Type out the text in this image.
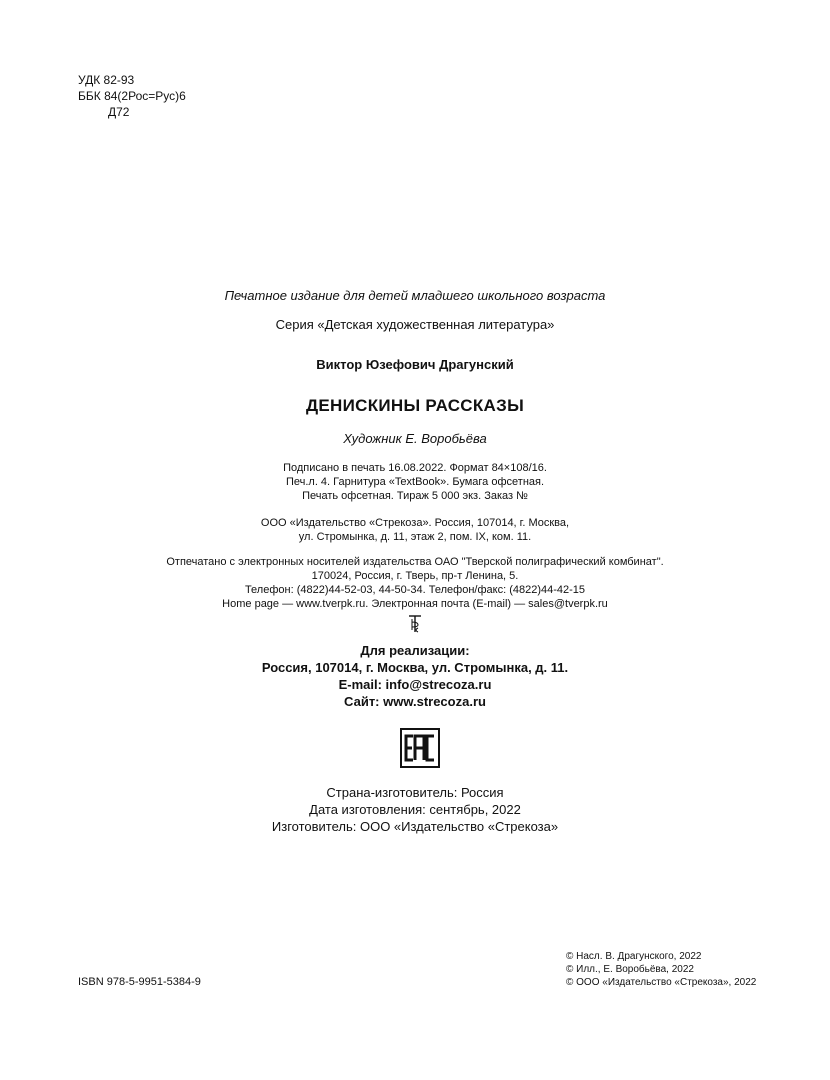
УДК 82-93
ББК 84(2Рос=Рус)6
Д72
Печатное издание для детей младшего школьного возраста
Серия «Детская художественная литература»
Виктор Юзефович Драгунский
ДЕНИСКИНЫ РАССКАЗЫ
Художник Е. Воробьёва
Подписано в печать 16.08.2022. Формат 84×108/16.
Печ.л. 4. Гарнитура «TextBook». Бумага офсетная.
Печать офсетная. Тираж 5 000 экз. Заказ №
ООО «Издательство «Стрекоза». Россия, 107014, г. Москва,
ул. Стромынка, д. 11, этаж 2, пом. IX, ком. 11.
Отпечатано с электронных носителей издательства ОАО "Тверской полиграфический комбинат".
170024, Россия, г. Тверь, пр-т Ленина, 5.
Телефон: (4822)44-52-03, 44-50-34. Телефон/факс: (4822)44-42-15
Home page — www.tverpk.ru. Электронная почта (E-mail) — sales@tverpk.ru
Для реализации:
Россия, 107014, г. Москва, ул. Стромынка, д. 11.
E-mail: info@strecoza.ru
Сайт: www.strecoza.ru
Страна-изготовитель: Россия
Дата изготовления: сентябрь, 2022
Изготовитель: ООО «Издательство «Стрекоза»
© Насл. В. Драгунского, 2022
© Илл., Е. Воробьёва, 2022
© ООО «Издательство «Стрекоза», 2022
ISBN 978-5-9951-5384-9
